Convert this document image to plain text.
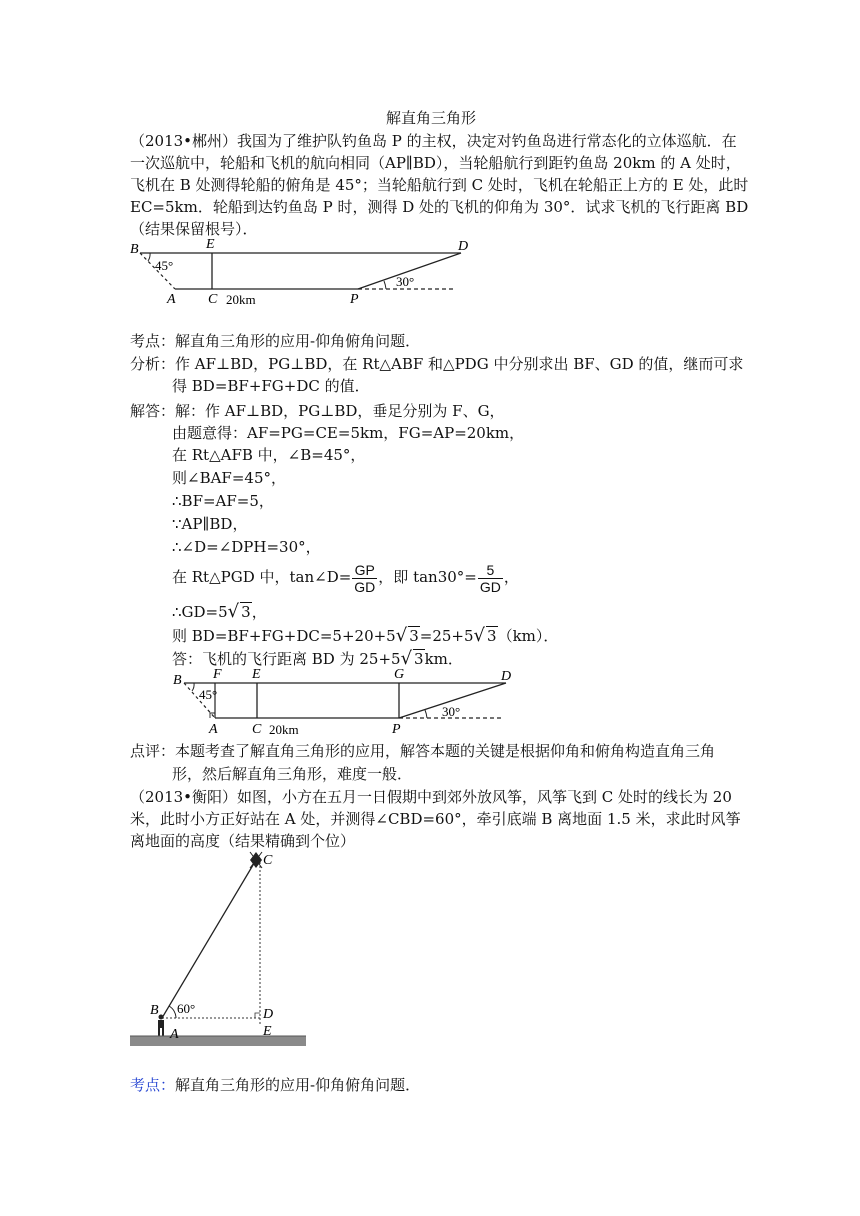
解直角三角形
（2013•郴州）我国为了维护队钓鱼岛 P 的主权，决定对钓鱼岛进行常态化的立体巡航．在
一次巡航中，轮船和飞机的航向相同（AP∥BD），当轮船航行到距钓鱼岛 20km 的 A 处时，
飞机在 B 处测得轮船的俯角是 45°；当轮船航行到 C 处时，飞机在轮船正上方的 E 处，此时
EC=5km．轮船到达钓鱼岛 P 时，测得 D 处的飞机的仰角为 30°．试求飞机的飞行距离 BD
（结果保留根号）．
B	E	D
A C	P
45°
30°
20km
考点：解直角三角形的应用-仰角俯角问题．
分析：作 AF⊥BD，PG⊥BD，在 Rt△ABF 和△PDG 中分别求出 BF、GD 的值，继而可求
得 BD=BF+FG+DC 的值．
解答：解：作 AF⊥BD，PG⊥BD，垂足分别为 F、G，
由题意得：AF=PG=CE=5km，FG=AP=20km，
在 Rt△AFB 中，∠B=45°，
则∠BAF=45°，
∴BF=AF=5，
∵AP∥BD，
∴∠D=∠DPH=30°，
在 Rt△PGD 中，tan∠D= $\frac{GP}{GD}$ ，即 $\tan 30^\circ= \frac{5}{GD}$ ，
∴GD=5√ 3，
则 BD=BF+FG+DC=5+20+5√ 3=25+5√ 3（km）．
答：飞机的飞行距离 BD 为 25+5√ 3km．
B F E	G	D
A C	P
45°
30°
20km
点评：本题考查了解直角三角形的应用，解答本题的关键是根据仰角和俯角构造直角三角
形，然后解直角三角形，难度一般．
（2013•衡阳）如图，小方在五月一日假期中到郊外放风筝，风筝飞到 C 处时的线长为 20
米，此时小方正好站在 A 处，并测得∠CBD=60°，牵引底端 B 离地面 1.5 米，求此时风筝
离地面的高度（结果精确到个位）
C
B	D
A	E
60°
考点：解直角三角形的应用-仰角俯角问题．
